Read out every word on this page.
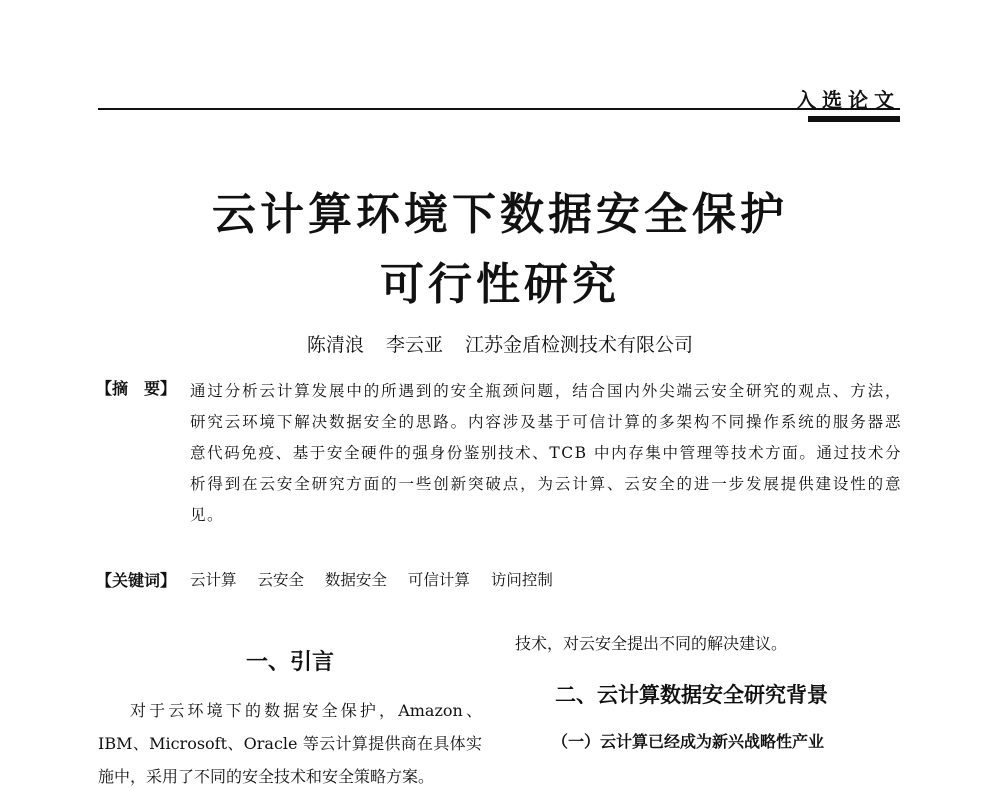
入选论文
云计算环境下数据安全保护
可行性研究
陈清浪 李云亚 江苏金盾检测技术有限公司
【摘　要】 通过分析云计算发展中的所遇到的安全瓶颈问题，结合国内外尖端云安全研究的观点、方法，研究云环境下解决数据安全的思路。内容涉及基于可信计算的多架构不同操作系统的服务器恶意代码免疫、基于安全硬件的强身份鉴别技术、TCB 中内存集中管理等技术方面。通过技术分析得到在云安全研究方面的一些创新突破点，为云计算、云安全的进一步发展提供建设性的意见。

【关键词】 云计算 云安全 数据安全 可信计算 访问控制
一、引言

对于云环境下的数据安全保护，Amazon、IBM、Microsoft、Oracle 等云计算提供商在具体实施中，采用了不同的安全技术和安全策略方案。

技术，对云安全提出不同的解决建议。

二、云计算数据安全研究背景
（一）云计算已经成为新兴战略性产业
